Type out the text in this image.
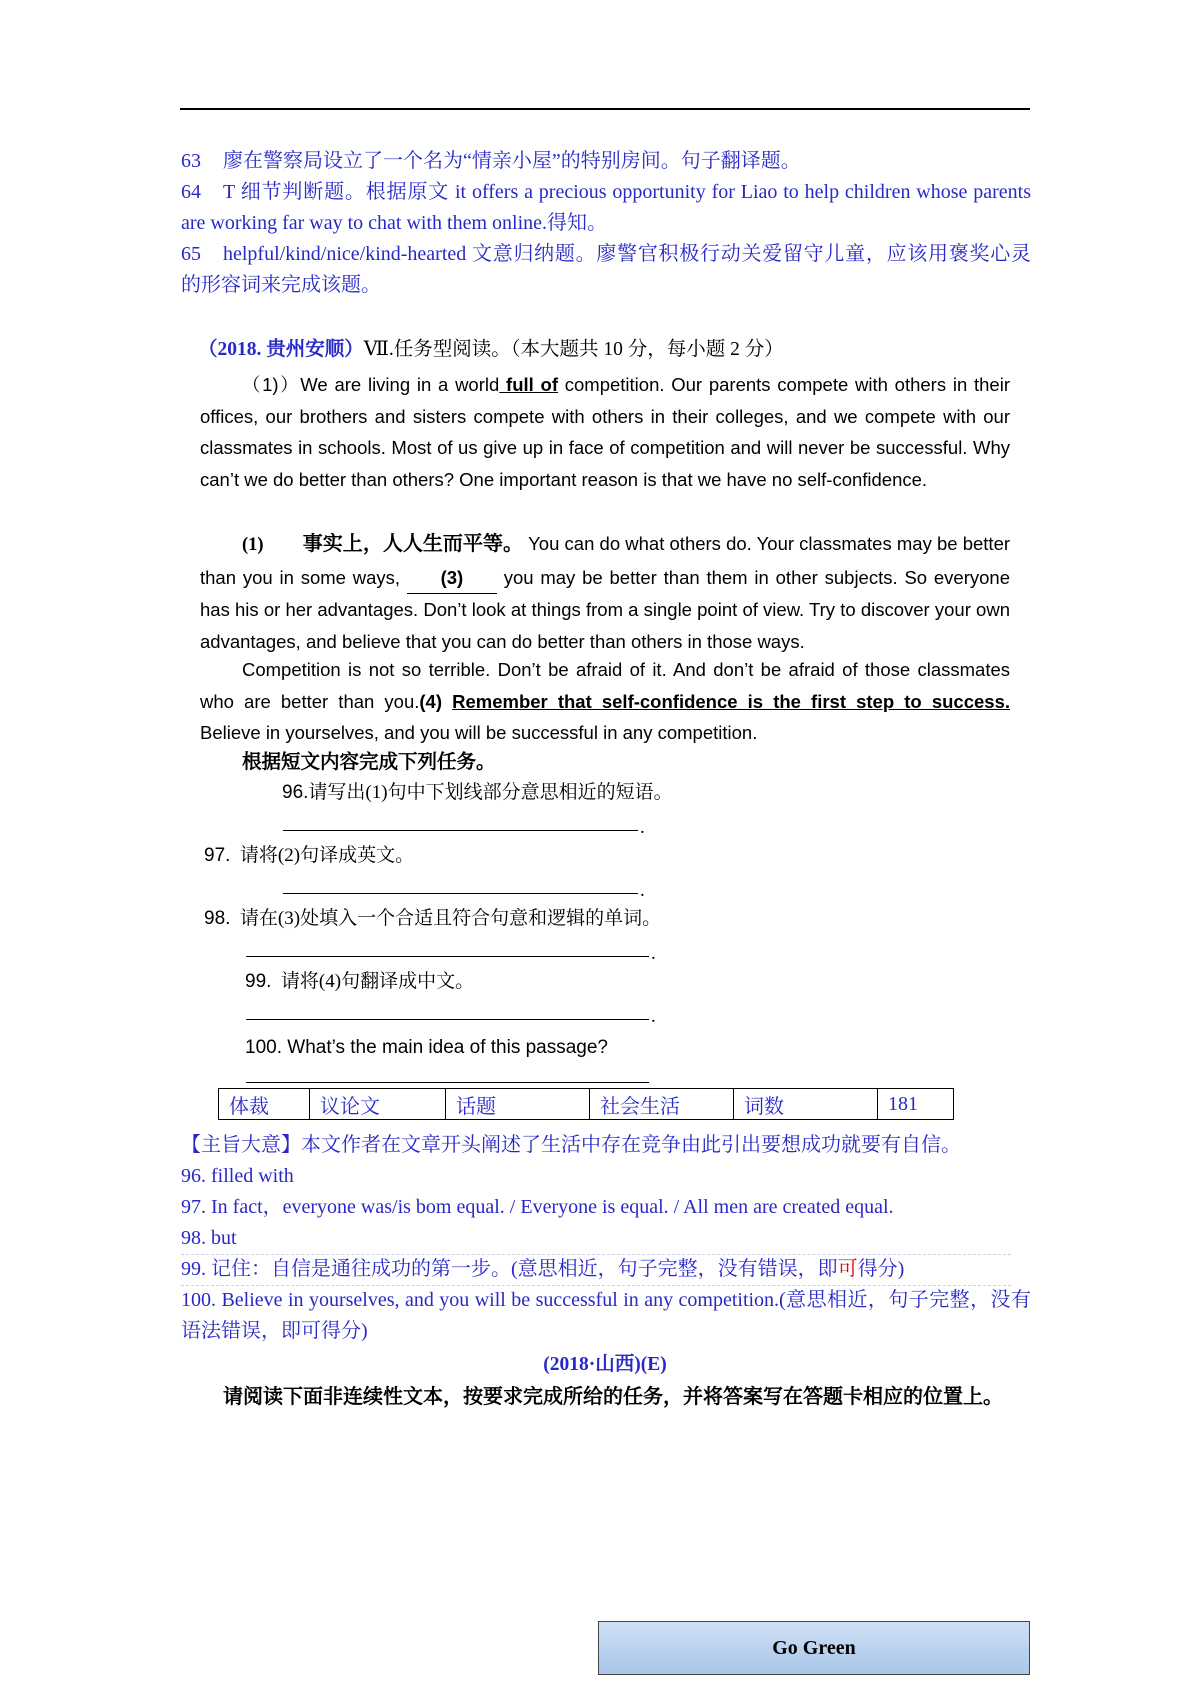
63 廖在警察局设立了一个名为“情亲小屋”的特别房间。句子翻译题。
64 T 细节判断题。根据原文 it offers a precious opportunity for Liao to help children whose parents are working far way to chat with them online.得知。
65 helpful/kind/nice/kind-hearted 文意归纳题。廖警官积极行动关爱留守儿童，应该用褒奖心灵的形容词来完成该题。
（2018. 贵州安顺）Ⅶ.任务型阅读。（本大题共 10 分，每小题 2 分）
（1)）We are living in a world full of competition. Our parents compete with others in their offices, our brothers and sisters compete with others in their colleges, and we compete with our classmates in schools. Most of us give up in face of competition and will never be successful. Why can’t we do better than others? One important reason is that we have no self-confidence.
(1) 事实上，人人生而平等。 You can do what others do. Your classmates may be better than you in some ways, (3) you may be better than them in other subjects. So everyone has his or her advantages. Don’t look at things from a single point of view. Try to discover your own advantages, and believe that you can do better than others in those ways.
Competition is not so terrible. Don’t be afraid of it. And don’t be afraid of those classmates who are better than you.(4) Remember that self-confidence is the first step to success. Believe in yourselves, and you will be successful in any competition.
根据短文内容完成下列任务。
96.请写出(1)句中下划线部分意思相近的短语。
.
97. 请将(2)句译成英文。
.
98. 请在(3)处填入一个合适且符合句意和逻辑的单词。
.
99. 请将(4)句翻译成中文。
.
100. What’s the main idea of this passage?
体裁	议论文	话题	社会生活	词数	181
【主旨大意】本文作者在文章开头阐述了生活中存在竞争由此引出要想成功就要有自信。
96. filled with
97. In fact，everyone was/is bom equal. / Everyone is equal. / All men are created equal.
98. but
99. 记住：自信是通往成功的第一步。(意思相近，句子完整，没有错误，即可得分)
100. Believe in yourselves, and you will be successful in any competition.(意思相近，句子完整，没有语法错误，即可得分)
(2018·山西)(E)
请阅读下面非连续性文本，按要求完成所给的任务，并将答案写在答题卡相应的位置上。
Go Green
